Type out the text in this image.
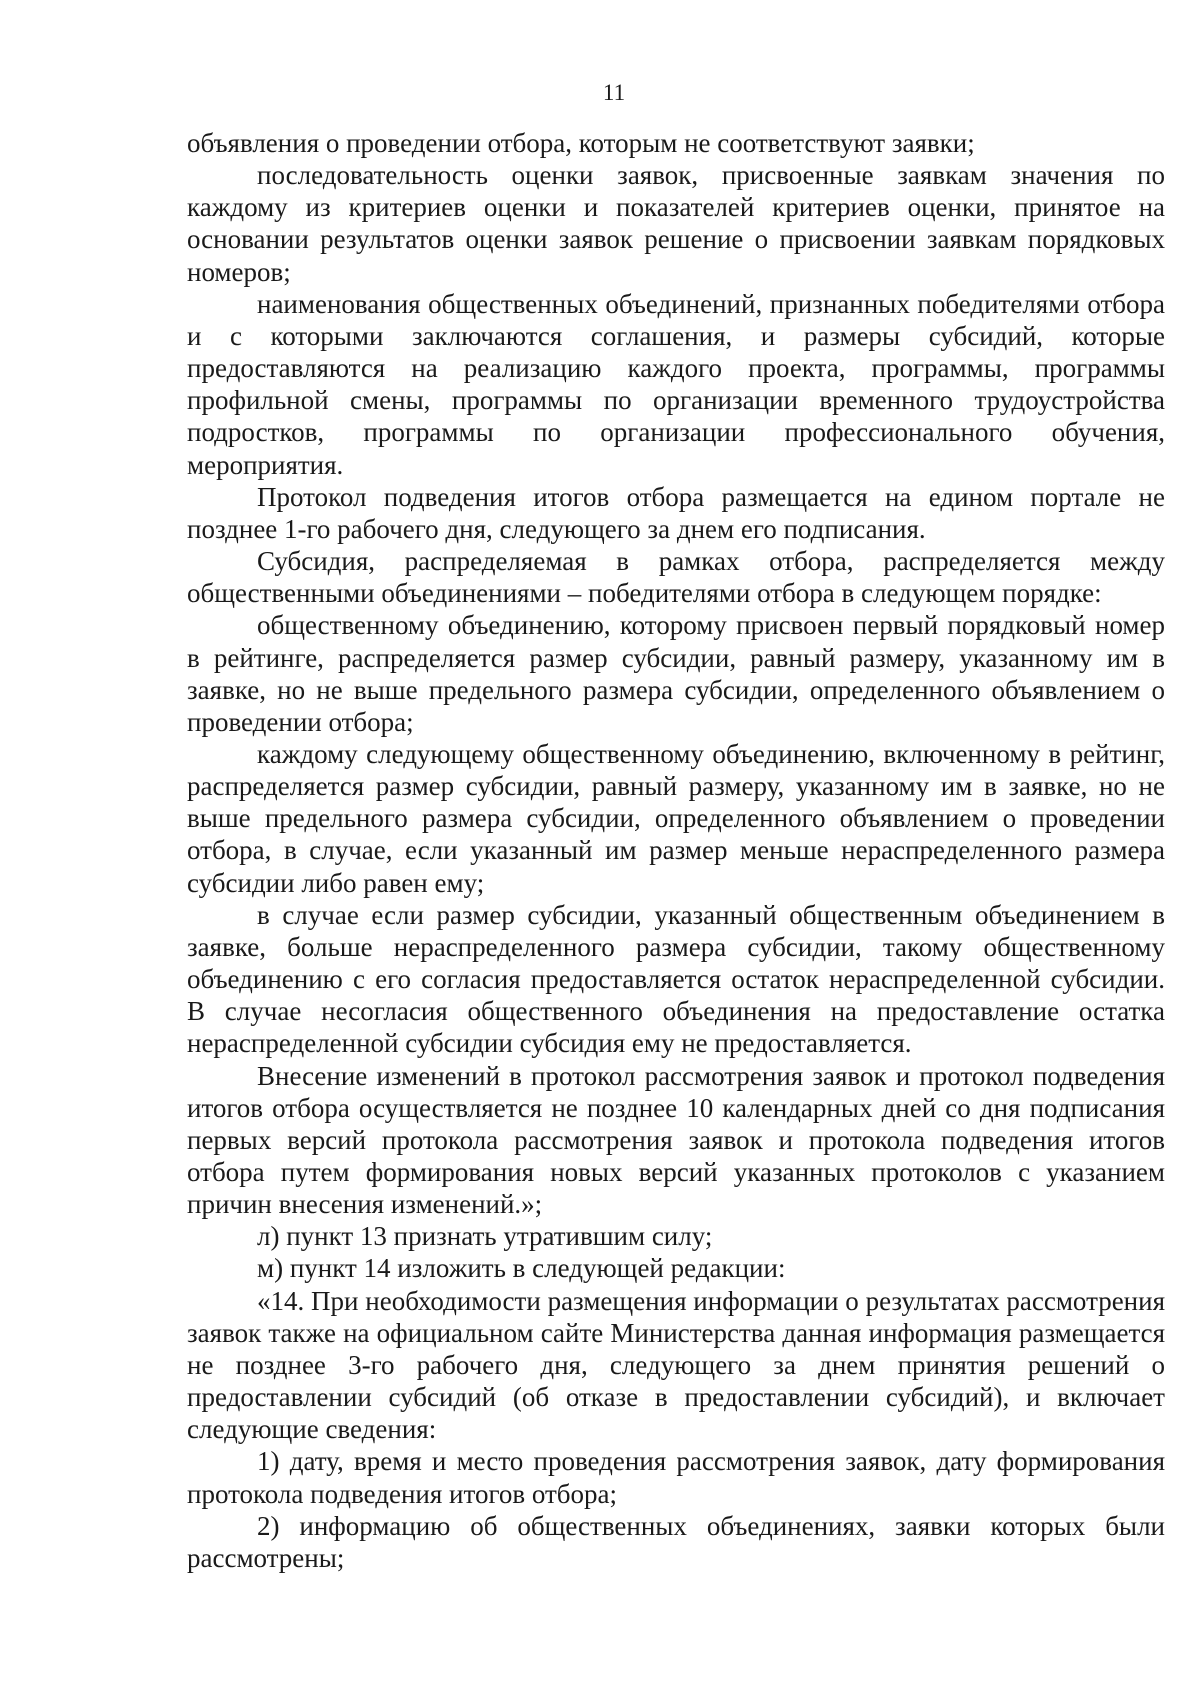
11

объявления о проведении отбора, которым не соответствуют заявки;

последовательность оценки заявок, присвоенные заявкам значения по каждому из критериев оценки и показателей критериев оценки, принятое на основании результатов оценки заявок решение о присвоении заявкам порядковых номеров;

наименования общественных объединений, признанных победителями отбора и с которыми заключаются соглашения, и размеры субсидий, которые предоставляются на реализацию каждого проекта, программы, программы профильной смены, программы по организации временного трудоустройства подростков, программы по организации профессионального обучения, мероприятия.

Протокол подведения итогов отбора размещается на едином портале не позднее 1-го рабочего дня, следующего за днем его подписания.

Субсидия, распределяемая в рамках отбора, распределяется между общественными объединениями – победителями отбора в следующем порядке:

общественному объединению, которому присвоен первый порядковый номер в рейтинге, распределяется размер субсидии, равный размеру, указанному им в заявке, но не выше предельного размера субсидии, определенного объявлением о проведении отбора;

каждому следующему общественному объединению, включенному в рейтинг, распределяется размер субсидии, равный размеру, указанному им в заявке, но не выше предельного размера субсидии, определенного объявлением о проведении отбора, в случае, если указанный им размер меньше нераспределенного размера субсидии либо равен ему;

в случае если размер субсидии, указанный общественным объединением в заявке, больше нераспределенного размера субсидии, такому общественному объединению с его согласия предоставляется остаток нераспределенной субсидии. В случае несогласия общественного объединения на предоставление остатка нераспределенной субсидии субсидия ему не предоставляется.

Внесение изменений в протокол рассмотрения заявок и протокол подведения итогов отбора осуществляется не позднее 10 календарных дней со дня подписания первых версий протокола рассмотрения заявок и протокола подведения итогов отбора путем формирования новых версий указанных протоколов с указанием причин внесения изменений.»;

л) пункт 13 признать утратившим силу;

м) пункт 14 изложить в следующей редакции:

«14. При необходимости размещения информации о результатах рассмотрения заявок также на официальном сайте Министерства данная информация размещается не позднее 3-го рабочего дня, следующего за днем принятия решений о предоставлении субсидий (об отказе в предоставлении субсидий), и включает следующие сведения:

1) дату, время и место проведения рассмотрения заявок, дату формирования протокола подведения итогов отбора;

2) информацию об общественных объединениях, заявки которых были рассмотрены;
